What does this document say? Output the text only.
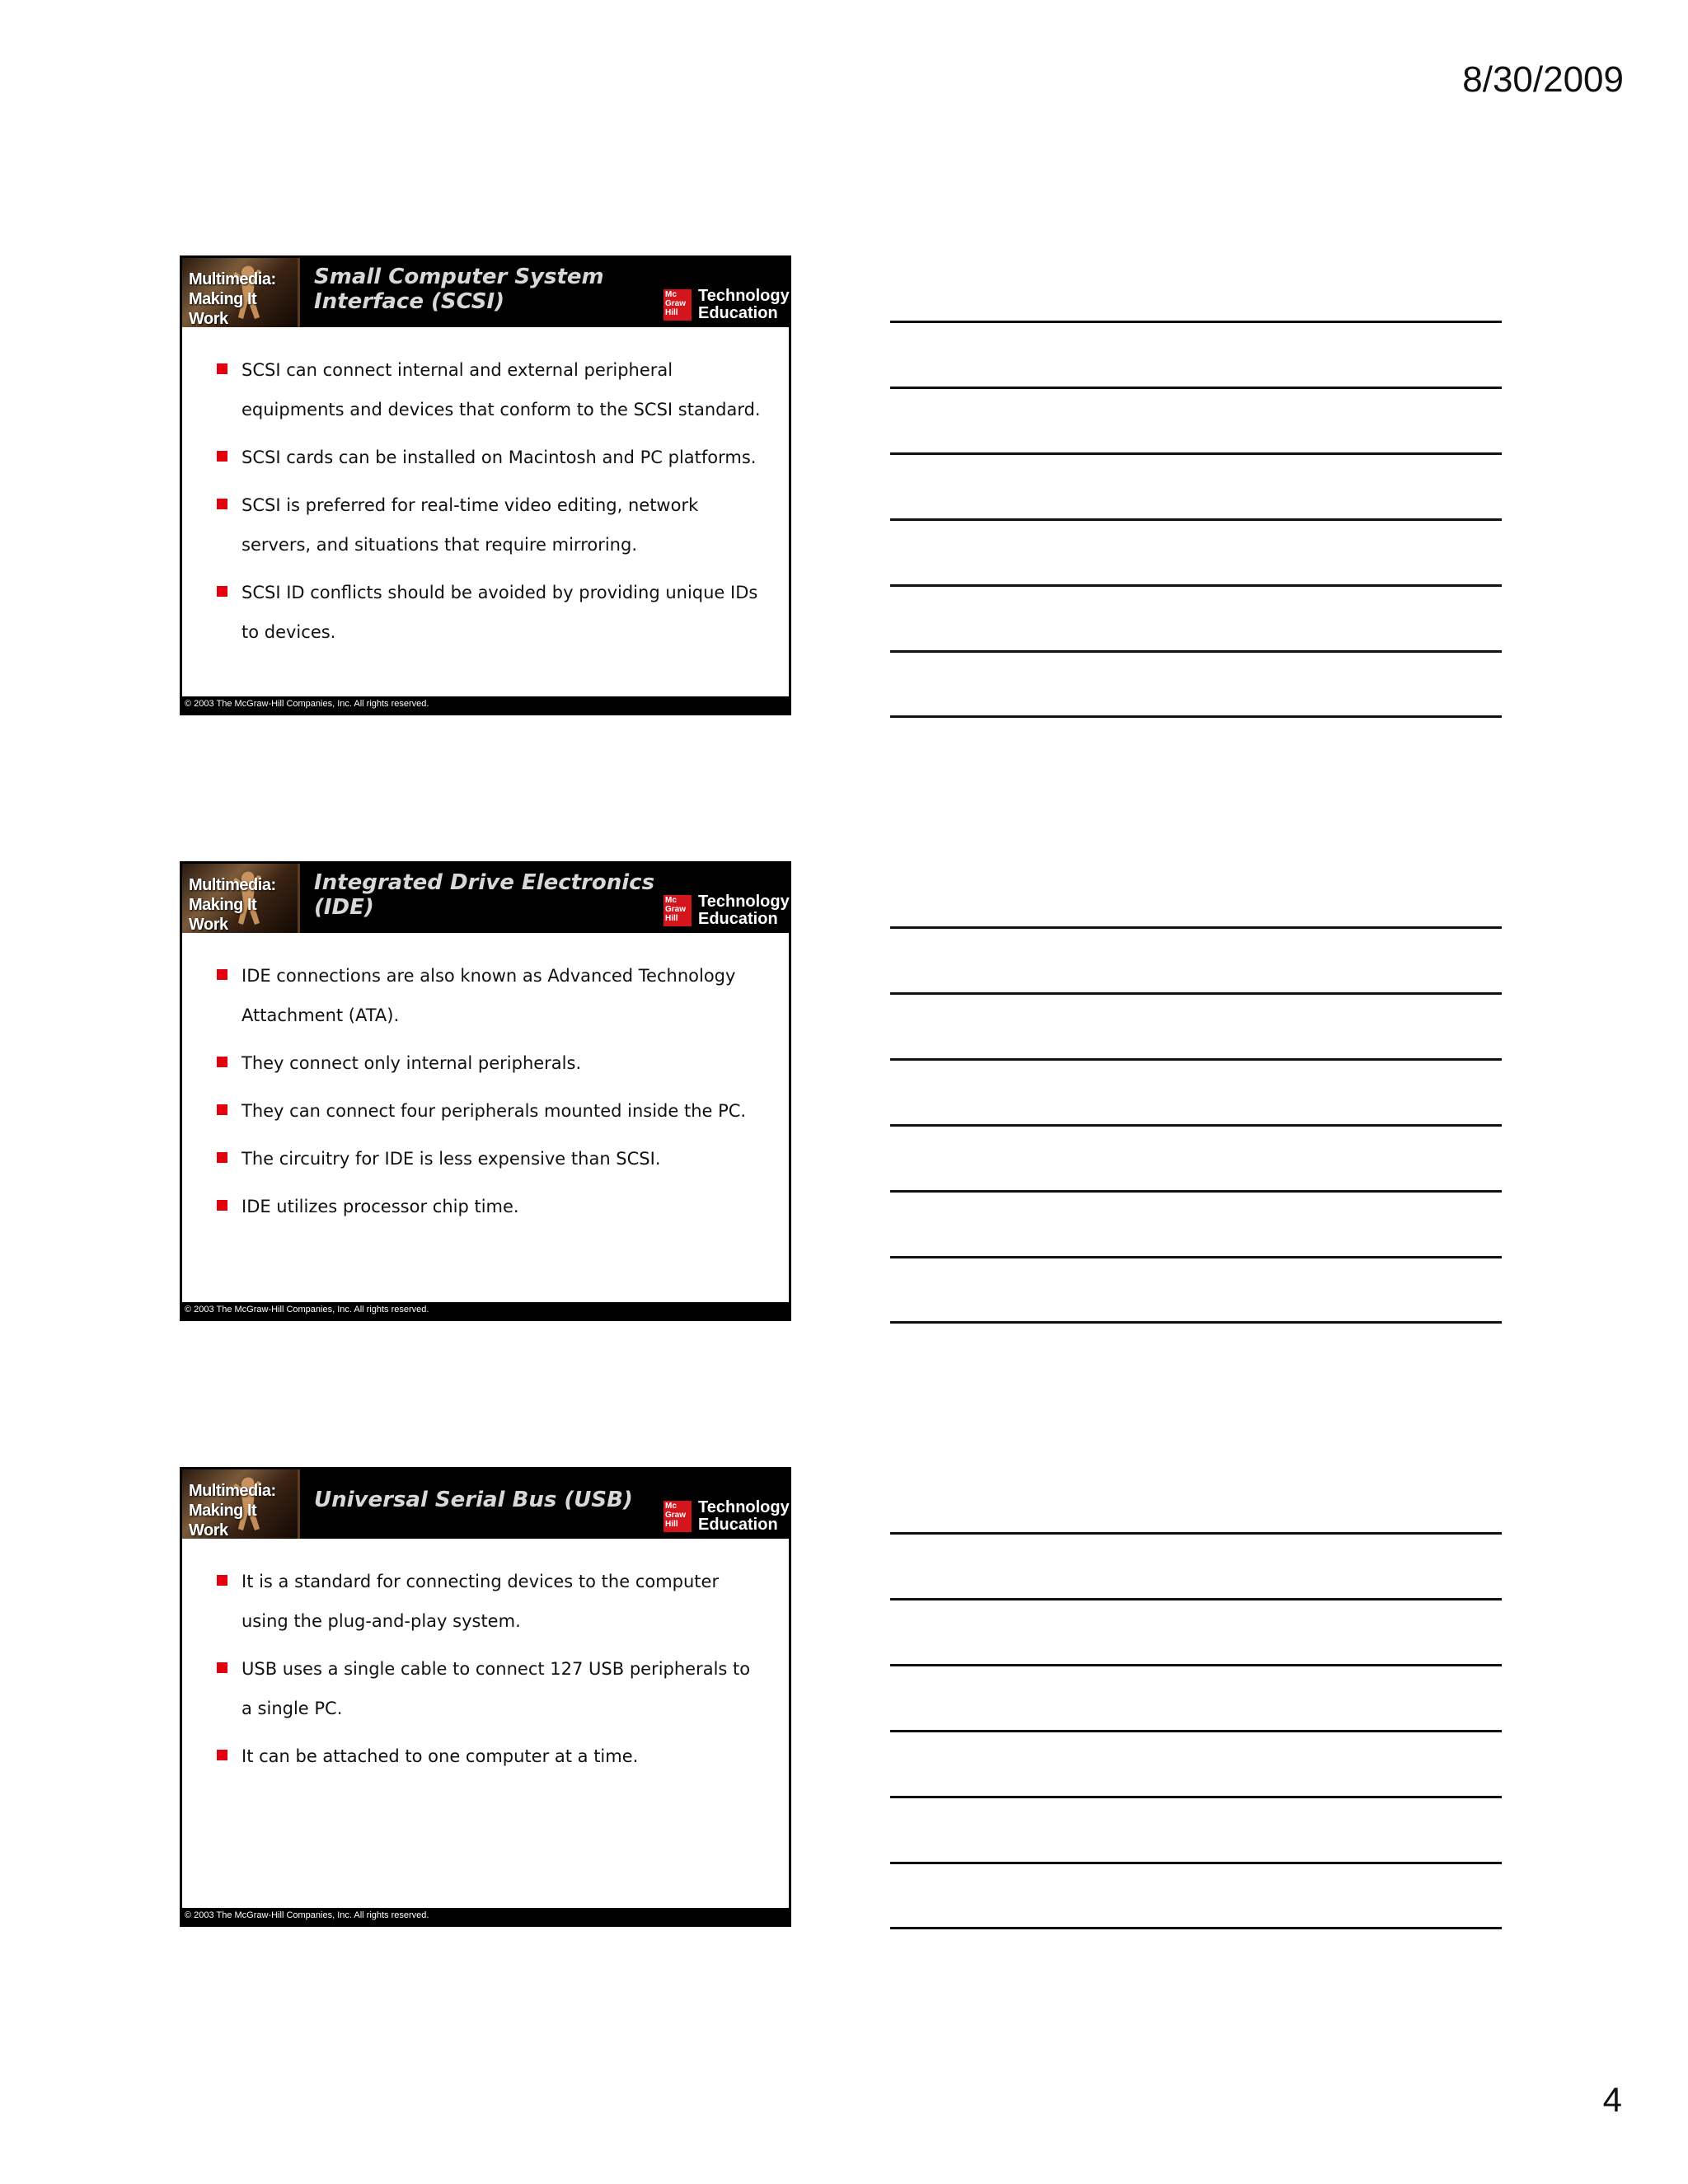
8/30/2009
Multimedia:
Making It Work
Small Computer System
Interface (SCSI)	Mc Graw Hill
Technology
Education
SCSI can connect internal and external peripheral equipments and devices that conform to the SCSI standard.
SCSI cards can be installed on Macintosh and PC platforms.
SCSI is preferred for real-time video editing, network servers, and situations that require mirroring.
SCSI ID conflicts should be avoided by providing unique IDs to devices.
© 2003 The McGraw-Hill Companies, Inc. All rights reserved.
Multimedia:
Making It Work
Integrated Drive Electronics
(IDE)	Mc Graw Hill
Technology
Education
IDE connections are also known as Advanced Technology Attachment (ATA).
They connect only internal peripherals.
They can connect four peripherals mounted inside the PC.
The circuitry for IDE is less expensive than SCSI.
IDE utilizes processor chip time.
© 2003 The McGraw-Hill Companies, Inc. All rights reserved.
Multimedia:
Making It Work
Universal Serial Bus (USB)	Mc Graw Hill
Technology
Education
It is a standard for connecting devices to the computer using the plug-and-play system.
USB uses a single cable to connect 127 USB peripherals to a single PC.
It can be attached to one computer at a time.
© 2003 The McGraw-Hill Companies, Inc. All rights reserved.
4
